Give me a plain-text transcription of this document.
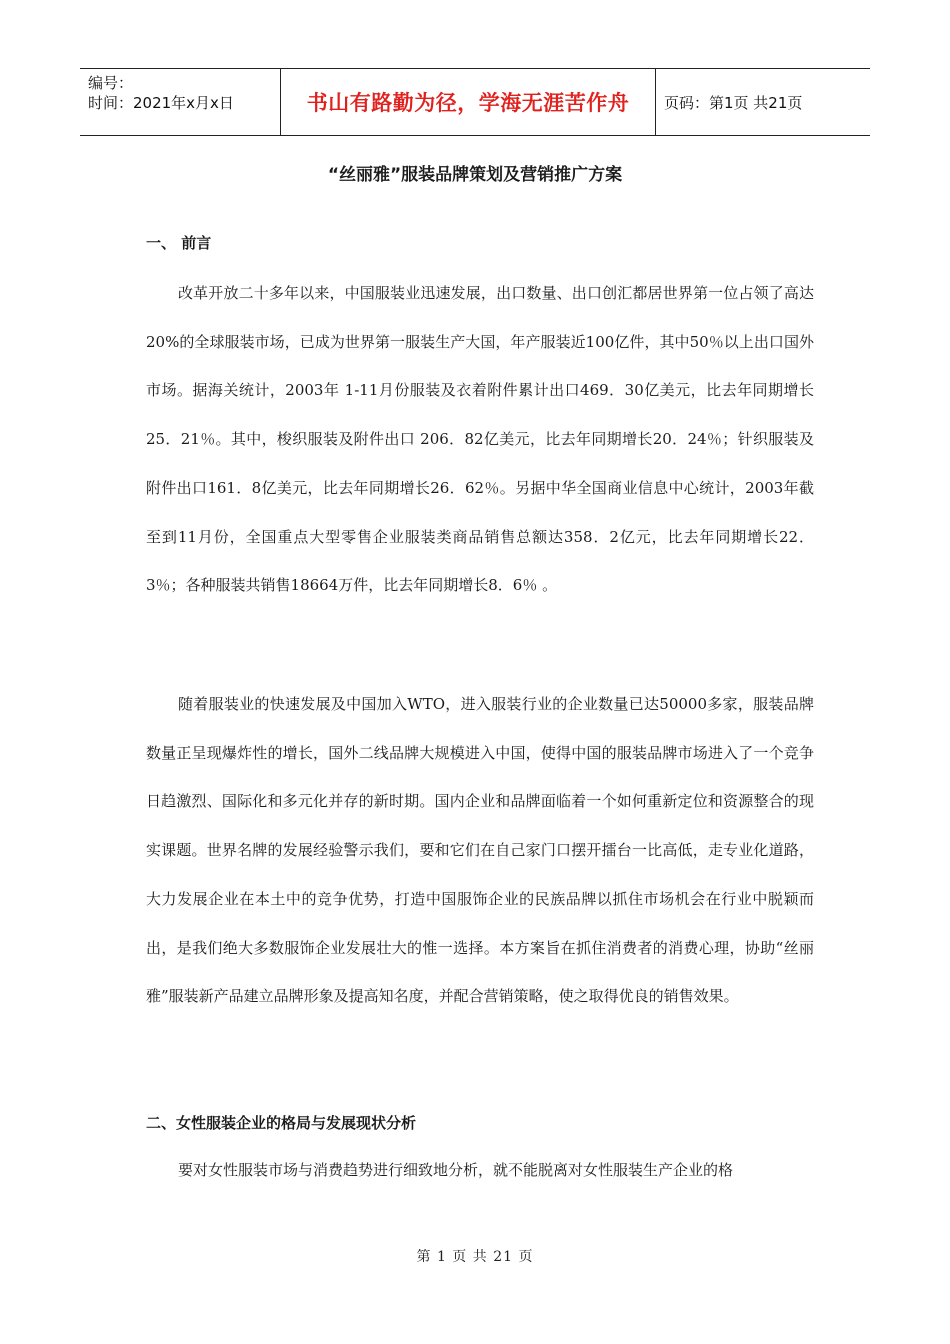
编号：
时间：2021年x月x日	书山有路勤为径，学海无涯苦作舟	页码：第1页 共21页
“丝丽雅”服装品牌策划及营销推广方案
一、 前言

改革开放二十多年以来，中国服装业迅速发展，出口数量、出口创汇都居世界第一位占领了高达20%的全球服装市场，已成为世界第一服装生产大国，年产服装近100亿件，其中50％以上出口国外市场。据海关统计，2003年 1-11月份服装及衣着附件累计出口469．30亿美元，比去年同期增长25．21％。其中，梭织服装及附件出口 206．82亿美元，比去年同期增长20．24％；针织服装及附件出口161．8亿美元，比去年同期增长26．62％。另据中华全国商业信息中心统计，2003年截至到11月份，全国重点大型零售企业服装类商品销售总额达358．2亿元，比去年同期增长22．3％；各种服装共销售18664万件，比去年同期增长8．6％ 。

随着服装业的快速发展及中国加入WTO，进入服装行业的企业数量已达50000多家，服装品牌数量正呈现爆炸性的增长，国外二线品牌大规模进入中国，使得中国的服装品牌市场进入了一个竞争日趋激烈、国际化和多元化并存的新时期。国内企业和品牌面临着一个如何重新定位和资源整合的现实课题。世界名牌的发展经验警示我们，要和它们在自己家门口摆开擂台一比高低，走专业化道路，大力发展企业在本土中的竞争优势，打造中国服饰企业的民族品牌以抓住市场机会在行业中脱颖而出，是我们绝大多数服饰企业发展壮大的惟一选择。本方案旨在抓住消费者的消费心理，协助“丝丽雅”服装新产品建立品牌形象及提高知名度，并配合营销策略，使之取得优良的销售效果。

二、女性服装企业的格局与发展现状分析

要对女性服装市场与消费趋势进行细致地分析，就不能脱离对女性服装生产企业的格

第 1 页 共 21 页
